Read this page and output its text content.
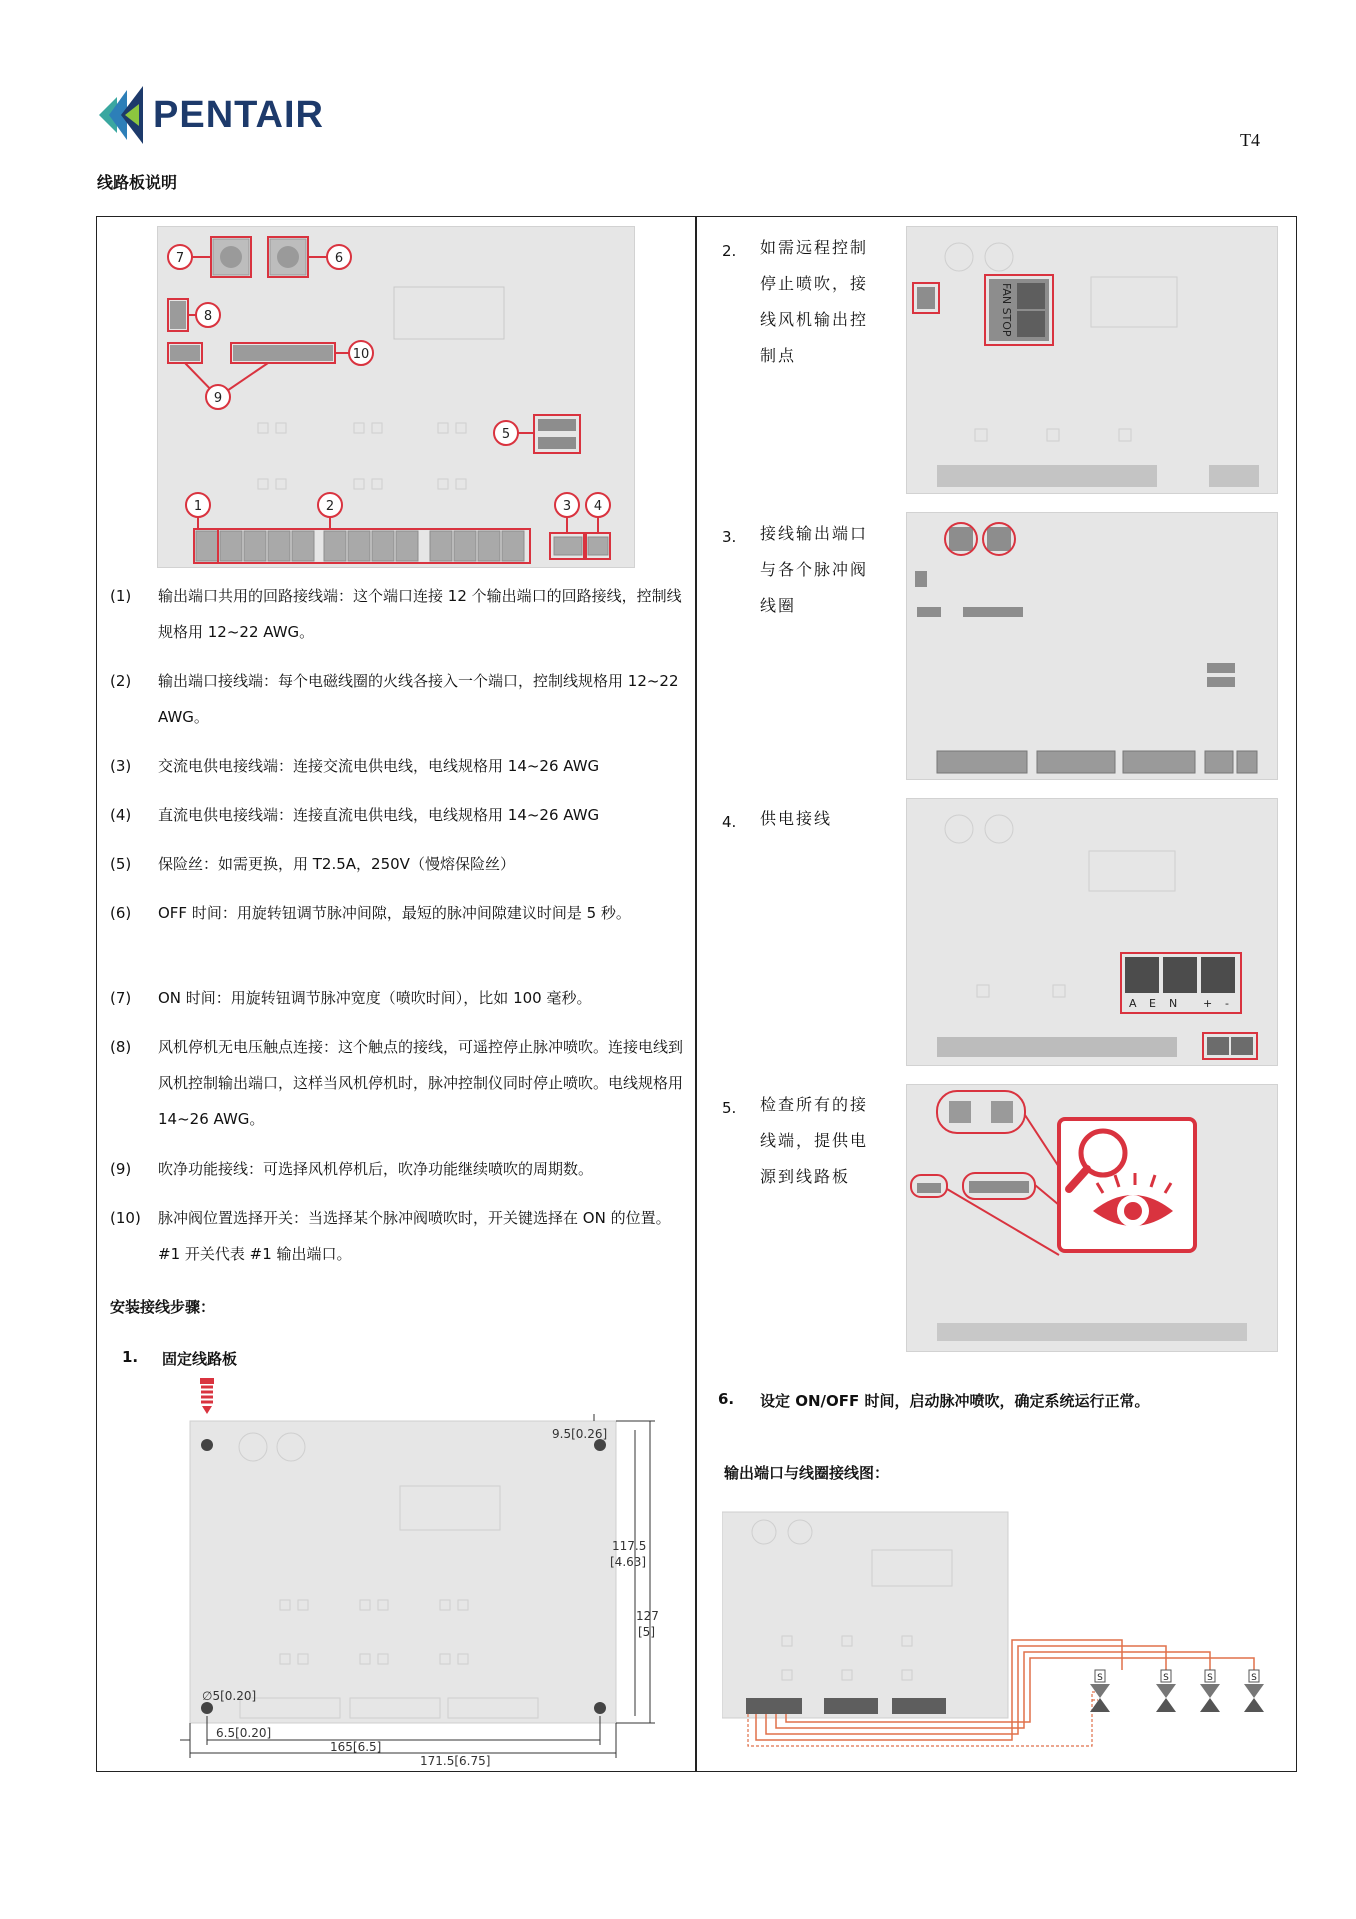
PENTAIR
T4
线路板说明
7	6
8
9
10
5
1	2	3 4
(1)	输出端口共用的回路接线端：这个端口连接 12 个输出端口的回路接线，控制线规格用 12~22 AWG。
(2)	输出端口接线端：每个电磁线圈的火线各接入一个端口，控制线规格用 12~22 AWG。
(3)	交流电供电接线端：连接交流电供电线，电线规格用 14~26 AWG
(4)	直流电供电接线端：连接直流电供电线，电线规格用 14~26 AWG
(5)	保险丝：如需更换，用 T2.5A，250V（慢熔保险丝）
(6)	OFF 时间：用旋转钮调节脉冲间隙，最短的脉冲间隙建议时间是 5 秒。
(7)	ON 时间：用旋转钮调节脉冲宽度（喷吹时间），比如 100 毫秒。
(8)	风机停机无电压触点连接：这个触点的接线，可遥控停止脉冲喷吹。连接电线到风机控制输出端口，这样当风机停机时，脉冲控制仪同时停止喷吹。电线规格用 14~26 AWG。
(9)	吹净功能接线：可选择风机停机后，吹净功能继续喷吹的周期数。
(10)	脉冲阀位置选择开关：当选择某个脉冲阀喷吹时，开关键选择在 ON 的位置。#1 开关代表 #1 输出端口。
安装接线步骤：
1. 固定线路板
9.5[0.26]
117.5
[4.63]
127
[5]
∅5[0.20]
6.5[0.20]
165[6.5]
171.5[6.75]
2. 如需远程控制停止喷吹，接线风机输出控制点
FAN STOP
3. 接线输出端口与各个脉冲阀线圈
4. 供电接线
A E N + -
5. 检查所有的接线端，提供电源到线路板
6. 设定 ON/OFF 时间，启动脉冲喷吹，确定系统运行正常。
输出端口与线圈接线图：
S	S	S	S
